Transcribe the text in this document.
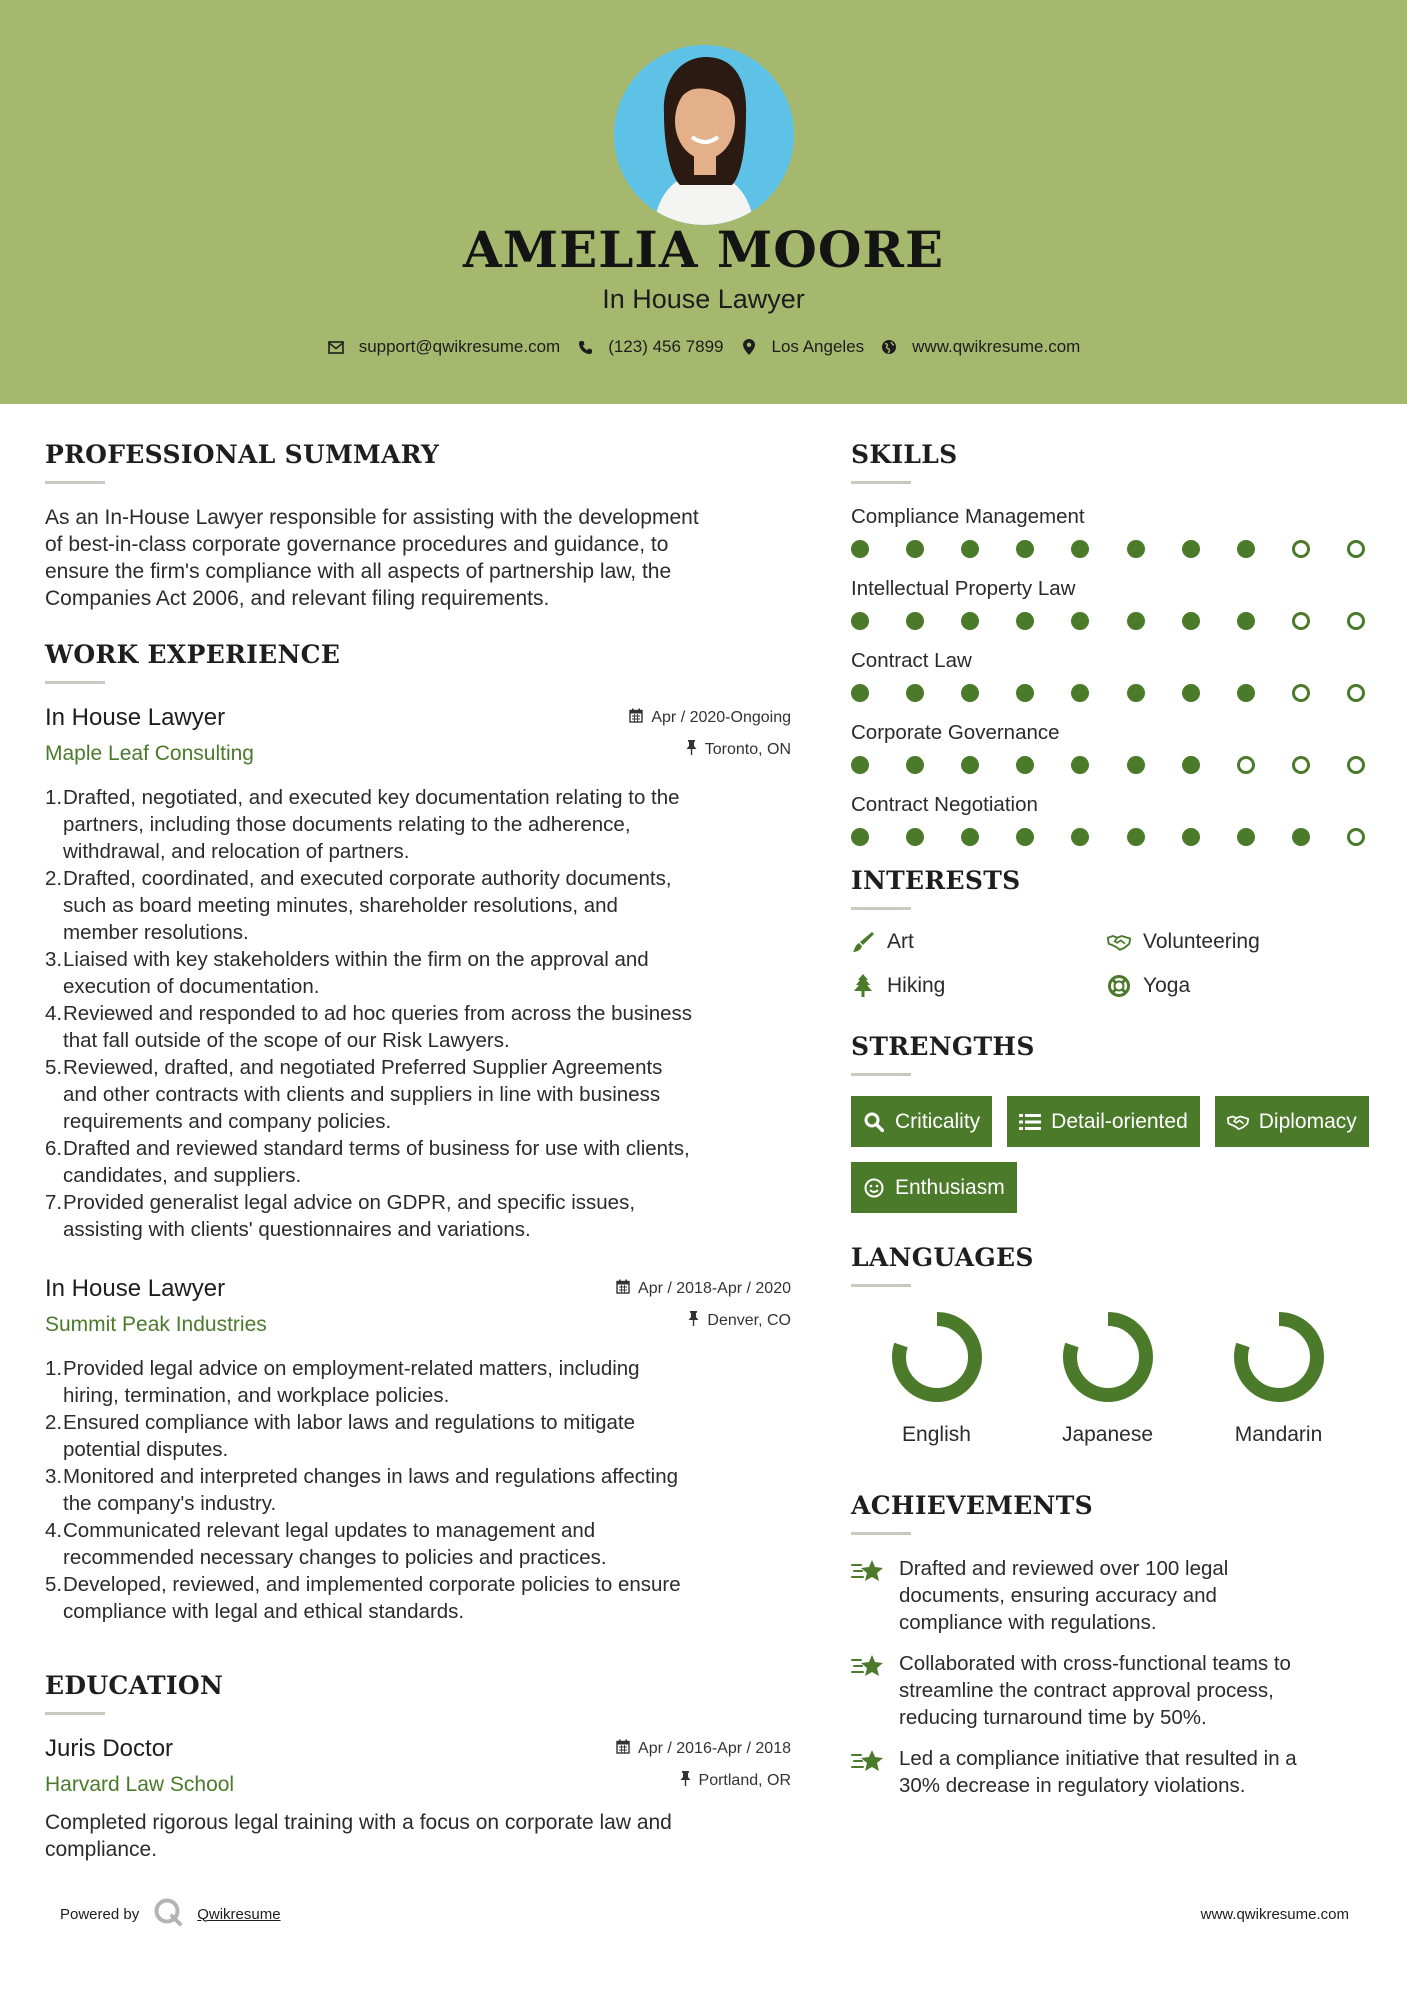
AMELIA MOORE
In House Lawyer
support@qwikresume.com	(123) 456 7899	Los Angeles	www.qwikresume.com
PROFESSIONAL SUMMARY
As an In-House Lawyer responsible for assisting with the development
of best-in-class corporate governance procedures and guidance, to
ensure the firm's compliance with all aspects of partnership law, the
Companies Act 2006, and relevant filing requirements.
WORK EXPERIENCE
In House Lawyer
Maple Leaf Consulting
Apr / 2020-Ongoing
Toronto, ON
1. Drafted, negotiated, and executed key documentation relating to the
partners, including those documents relating to the adherence,
withdrawal, and relocation of partners.
2. Drafted, coordinated, and executed corporate authority documents,
such as board meeting minutes, shareholder resolutions, and
member resolutions.
3. Liaised with key stakeholders within the firm on the approval and
execution of documentation.
4. Reviewed and responded to ad hoc queries from across the business
that fall outside of the scope of our Risk Lawyers.
5. Reviewed, drafted, and negotiated Preferred Supplier Agreements
and other contracts with clients and suppliers in line with business
requirements and company policies.
6. Drafted and reviewed standard terms of business for use with clients,
candidates, and suppliers.
7. Provided generalist legal advice on GDPR, and specific issues,
assisting with clients' questionnaires and variations.
In House Lawyer
Summit Peak Industries
Apr / 2018-Apr / 2020
Denver, CO
1. Provided legal advice on employment-related matters, including
hiring, termination, and workplace policies.
2. Ensured compliance with labor laws and regulations to mitigate
potential disputes.
3. Monitored and interpreted changes in laws and regulations affecting
the company's industry.
4. Communicated relevant legal updates to management and
recommended necessary changes to policies and practices.
5. Developed, reviewed, and implemented corporate policies to ensure
compliance with legal and ethical standards.
EDUCATION
Juris Doctor
Harvard Law School
Apr / 2016-Apr / 2018
Portland, OR
Completed rigorous legal training with a focus on corporate law and
compliance.
SKILLS
Compliance Management
Intellectual Property Law
Contract Law
Corporate Governance
Contract Negotiation
INTERESTS
Art	Volunteering
Hiking	Yoga
STRENGTHS
Criticality	Detail-oriented	Diplomacy
Enthusiasm
LANGUAGES
English	Japanese	Mandarin
ACHIEVEMENTS
Drafted and reviewed over 100 legal
documents, ensuring accuracy and
compliance with regulations.
Collaborated with cross-functional teams to
streamline the contract approval process,
reducing turnaround time by 50%.
Led a compliance initiative that resulted in a
30% decrease in regulatory violations.
Powered by	Qwikresume	www.qwikresume.com
